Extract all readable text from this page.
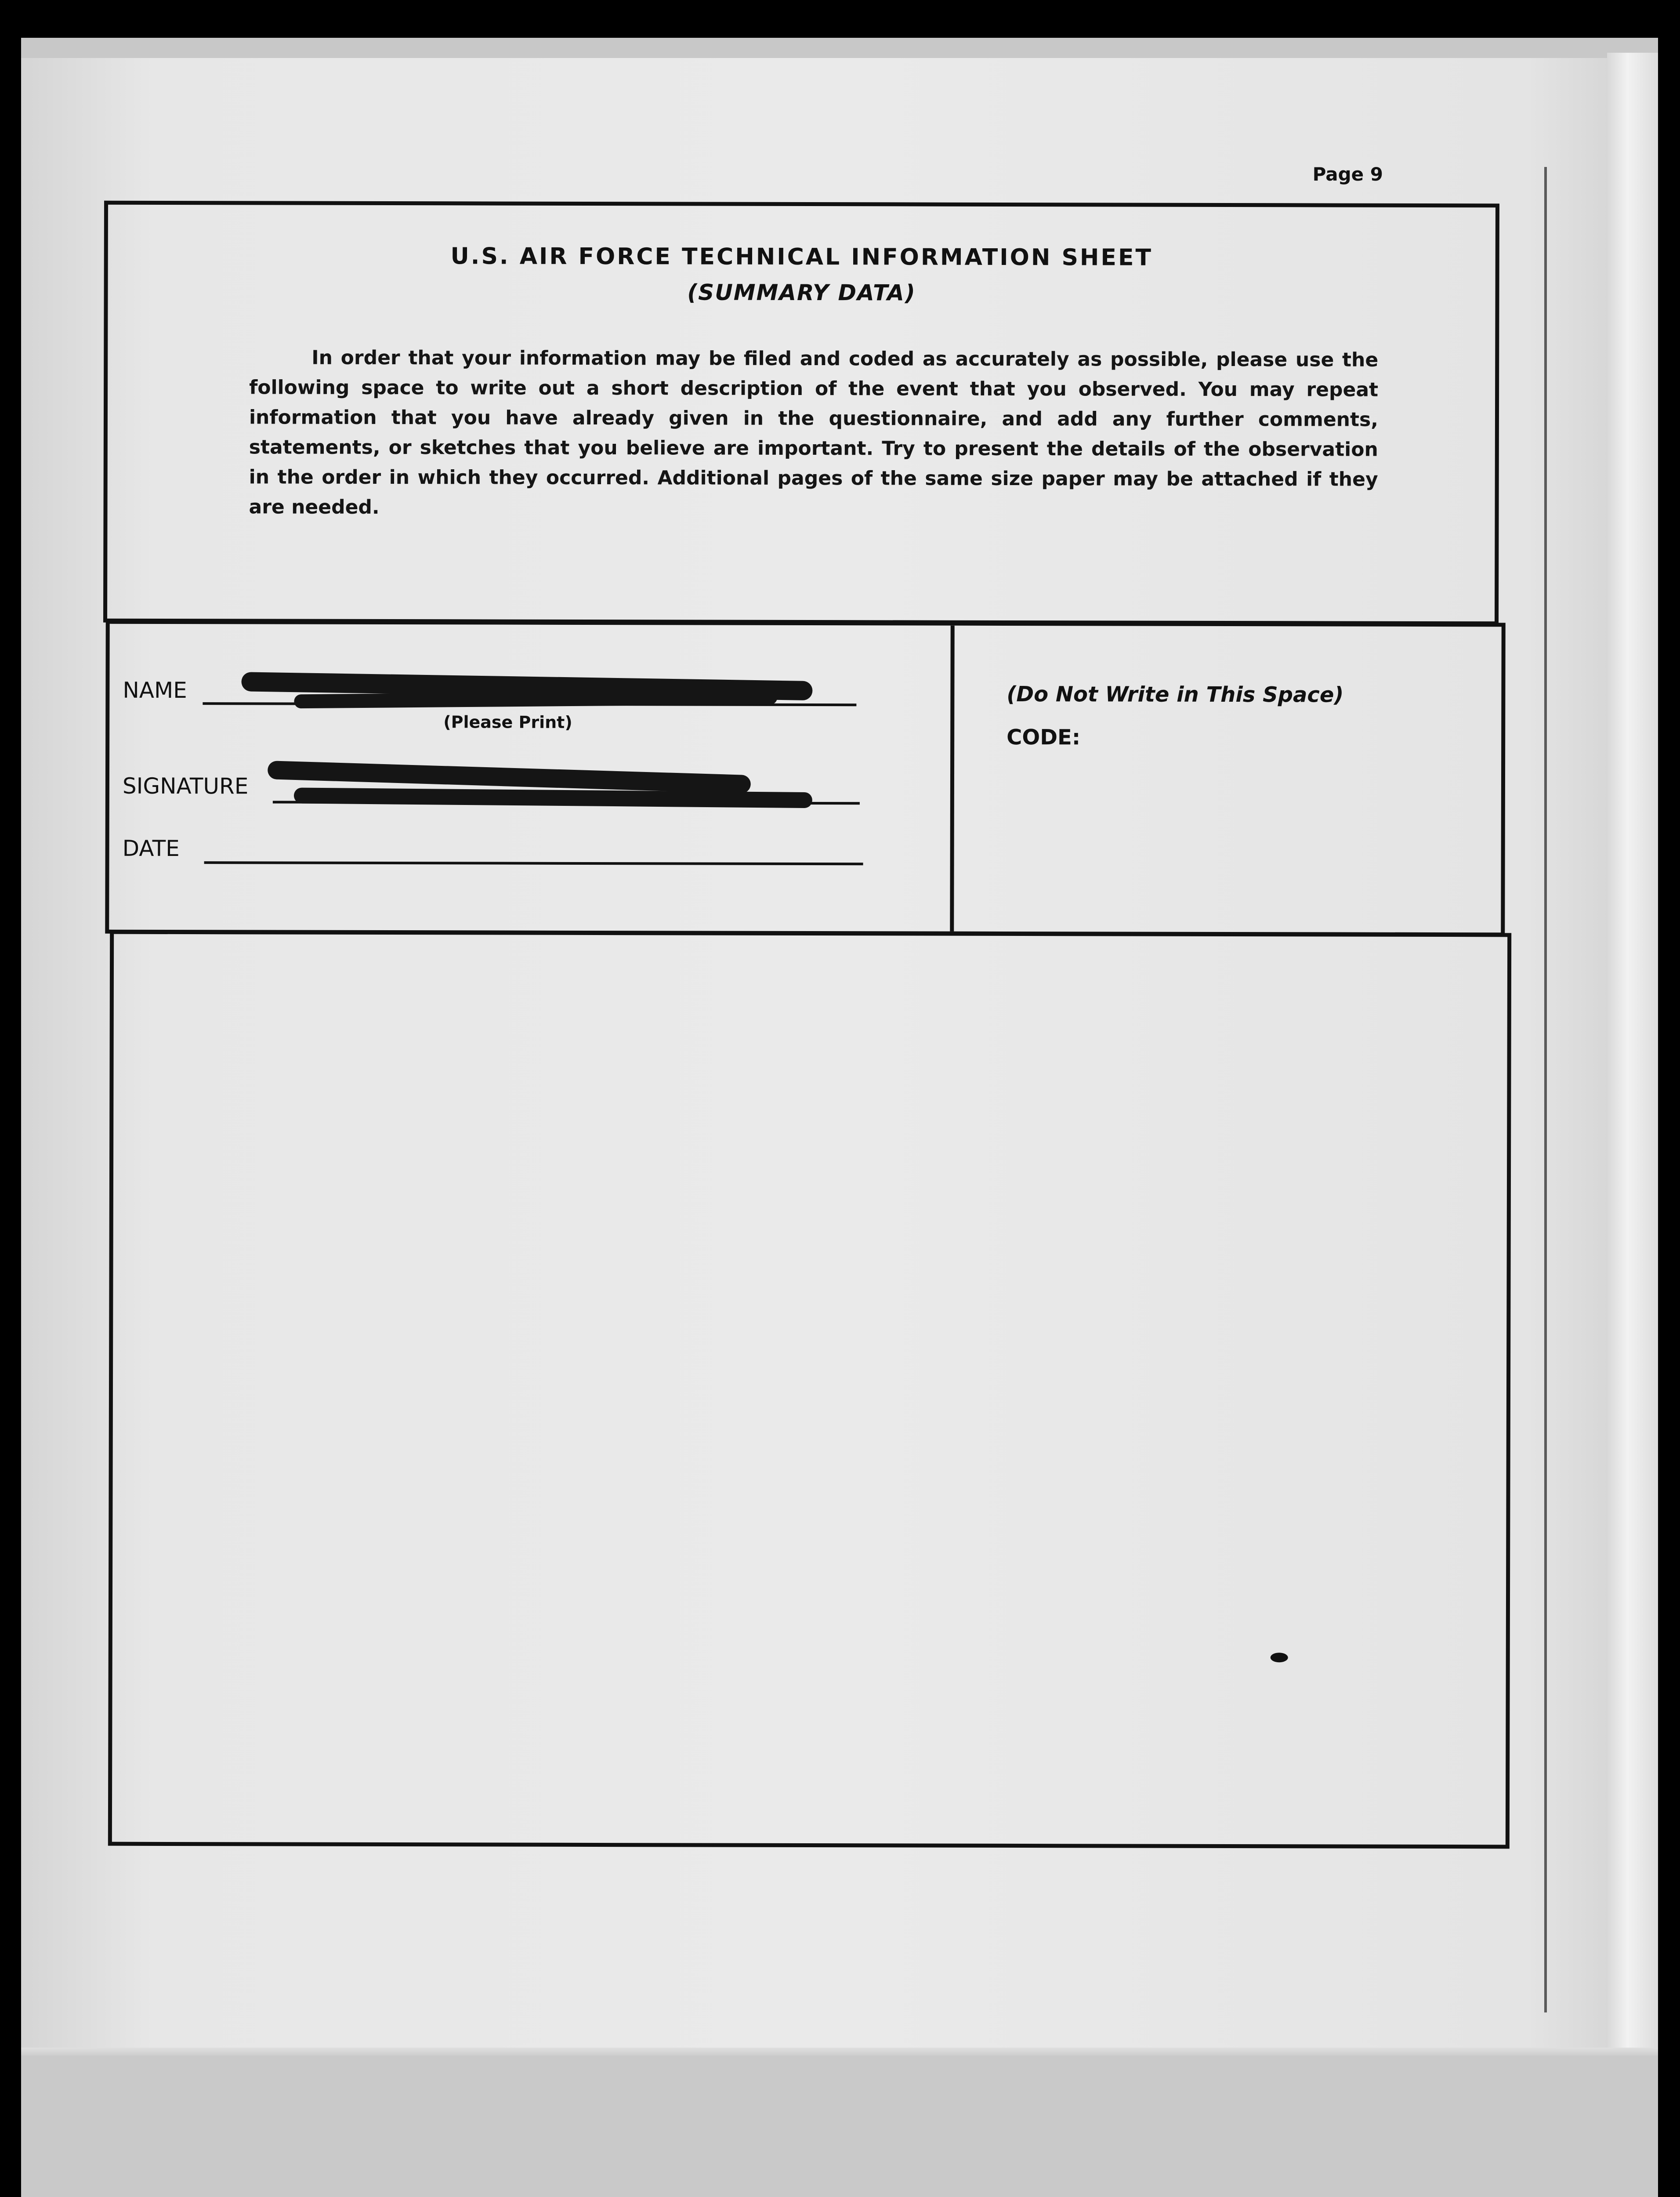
Page 9
U.S. AIR FORCE TECHNICAL INFORMATION SHEET
(SUMMARY DATA)
In order that your information may be filed and coded as accurately as possible, please use the following space to write out a short description of the event that you observed. You may repeat information that you have already given in the questionnaire, and add any further comments, statements, or sketches that you believe are important. Try to present the details of the observation in the order in which they occurred. Additional pages of the same size paper may be attached if they are needed.
NAME
(Please Print)
SIGNATURE
DATE
(Do Not Write in This Space)
CODE:
